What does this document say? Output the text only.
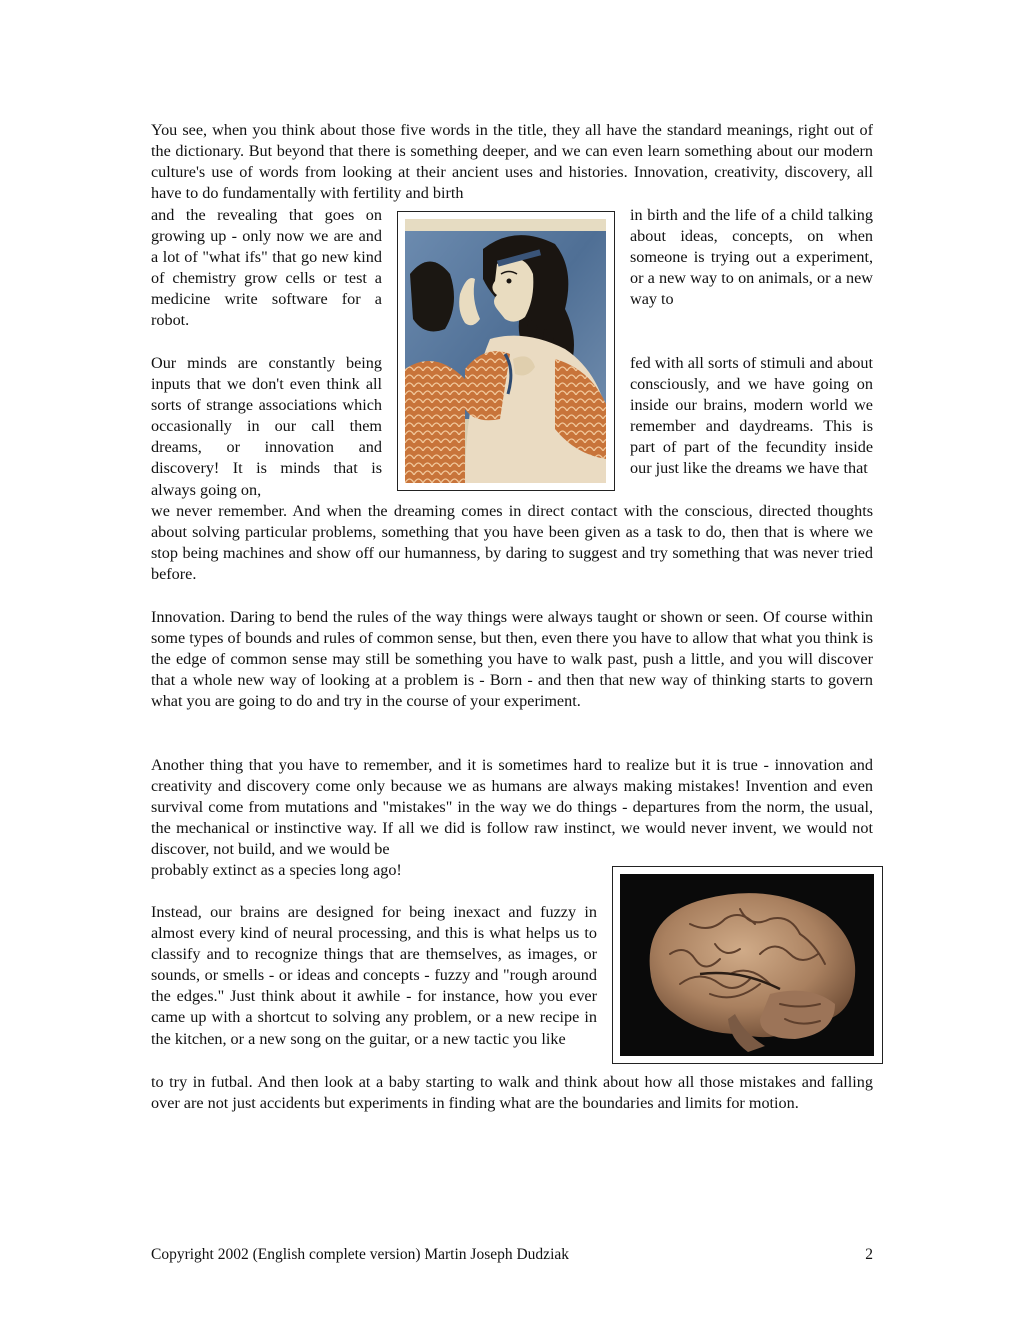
You see, when you think about those five words in the title, they all have the standard meanings, right out of the dictionary. But beyond that there is something deeper, and we can even learn something about our modern culture's use of words from looking at their ancient uses and histories. Innovation, creativity, discovery, all have to do fundamentally with fertility and birth
and the revealing that goes on growing up - only now we are and a lot of "what ifs" that go new kind of chemistry grow cells or test a medicine write software for a robot.
in birth and the life of a child talking about ideas, concepts, on when someone is trying out a experiment, or a new way to on animals, or a new way to
Our minds are constantly being inputs that we don't even think all sorts of strange associations which occasionally in our call them dreams, or innovation and discovery! It is minds that is always going on,
fed with all sorts of stimuli and about consciously, and we have going on inside our brains, modern world we remember and daydreams. This is part of part of the fecundity inside our just like the dreams we have that
we never remember. And when the dreaming comes in direct contact with the conscious, directed thoughts about solving particular problems, something that you have been given as a task to do, then that is where we stop being machines and show off our humanness, by daring to suggest and try something that was never tried before.
Innovation. Daring to bend the rules of the way things were always taught or shown or seen. Of course within some types of bounds and rules of common sense, but then, even there you have to allow that what you think is the edge of common sense may still be something you have to walk past, push a little, and you will discover that a whole new way of looking at a problem is - Born - and then that new way of thinking starts to govern what you are going to do and try in the course of your experiment.
Another thing that you have to remember, and it is sometimes hard to realize but it is true - innovation and creativity and discovery come only because we as humans are always making mistakes! Invention and even survival come from mutations and "mistakes" in the way we do things - departures from the norm, the usual, the mechanical or instinctive way. If all we did is follow raw instinct, we would never invent, we would not discover, not build, and we would be
probably extinct as a species long ago!
Instead, our brains are designed for being inexact and fuzzy in almost every kind of neural processing, and this is what helps us to classify and to recognize things that are themselves, as images, or sounds, or smells - or ideas and concepts - fuzzy and "rough around the edges." Just think about it awhile - for instance, how you ever came up with a shortcut to solving any problem, or a new recipe in the kitchen, or a new song on the guitar, or a new tactic you like
to try in futbal. And then look at a baby starting to walk and think about how all those mistakes and falling over are not just accidents but experiments in finding what are the boundaries and limits for motion.
Copyright 2002 (English complete version) Martin Joseph Dudziak	2
